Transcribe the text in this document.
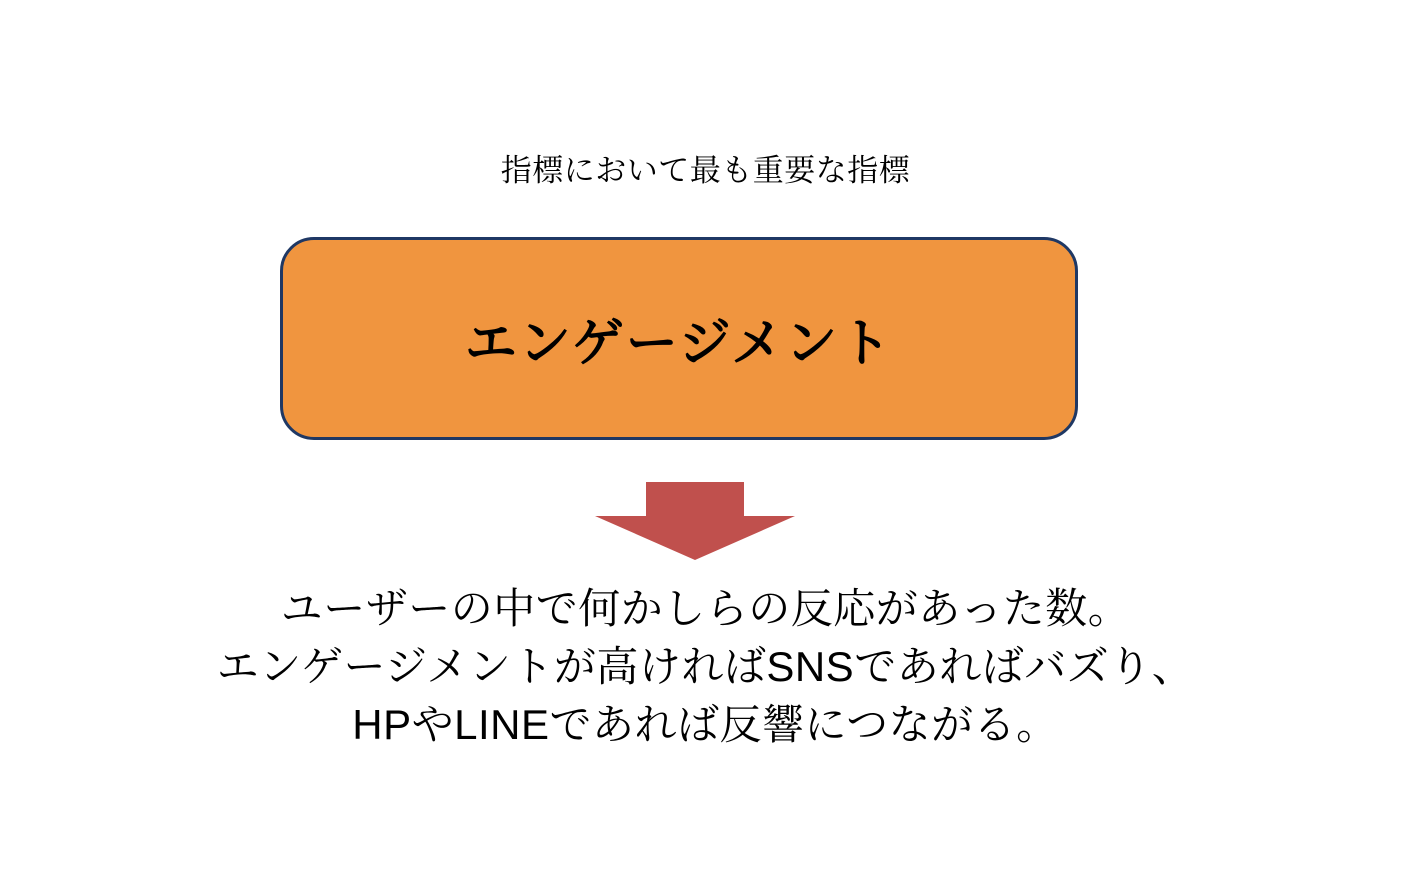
指標において最も重要な指標
エンゲージメント
ユーザーの中で何かしらの反応があった数。
エンゲージメントが高ければSNSであればバズり、
HPやLINEであれば反響につながる。
